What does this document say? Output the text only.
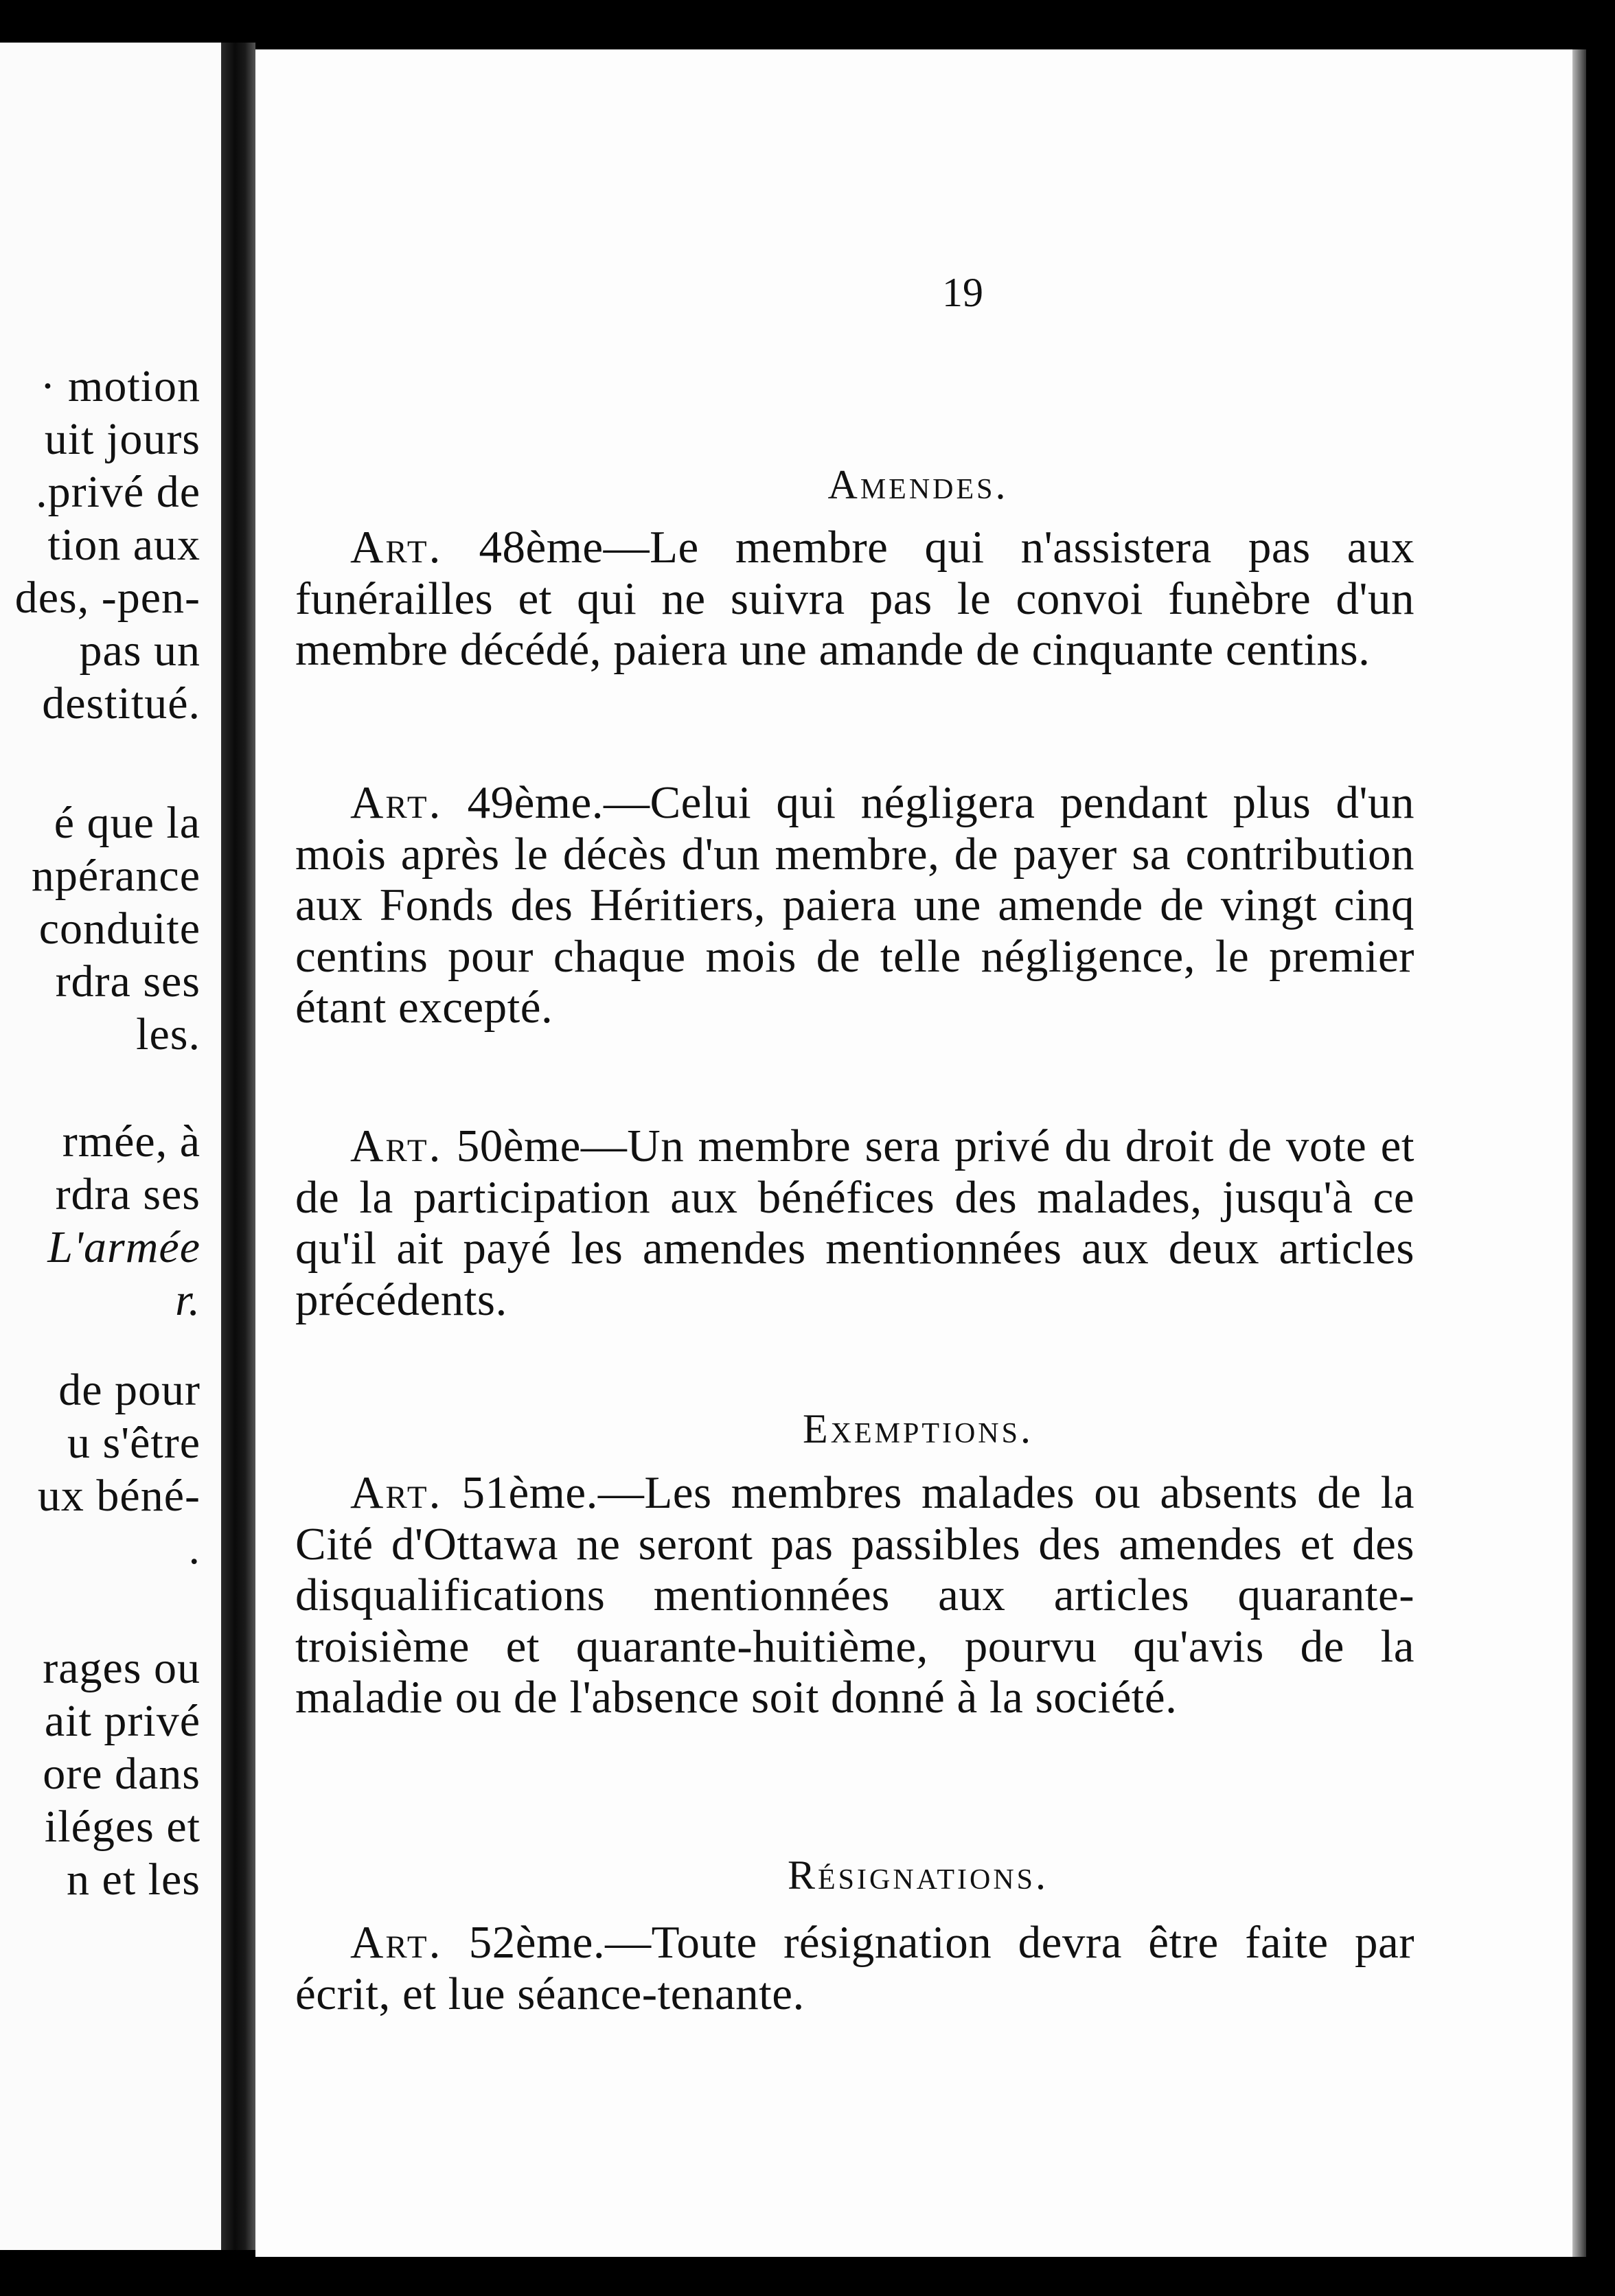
· motion
uit jours
.privé de
tion aux
des, -pen-
pas un
destitué.
é que la
npérance
conduite
rdra ses
les.
rmée, à
rdra ses
L'armée
r.
de pour
u s'être
ux béné-
.
rages ou
ait privé
ore dans
iléges et
n et les
19
Amendes.

Art. 48ème—Le membre qui n'assistera pas aux funérailles et qui ne suivra pas le convoi funèbre d'un membre décédé, paiera une amande de cinquante centins.

Art. 49ème.—Celui qui négligera pendant plus d'un mois après le décès d'un membre, de payer sa contribution aux Fonds des Héritiers, paiera une amende de vingt cinq centins pour chaque mois de telle négligence, le premier étant excepté.

Art. 50ème—Un membre sera privé du droit de vote et de la participation aux bénéfices des malades, jusqu'à ce qu'il ait payé les amendes mentionnées aux deux articles précédents.

Exemptions.

Art. 51ème.—Les membres malades ou absents de la Cité d'Ottawa ne seront pas passibles des amendes et des disqualifications mentionnées aux articles quarante-troisième et quarante-huitième, pourvu qu'avis de la maladie ou de l'absence soit donné à la société.

Résignations.

Art. 52ème.—Toute résignation devra être faite par écrit, et lue séance-tenante.
